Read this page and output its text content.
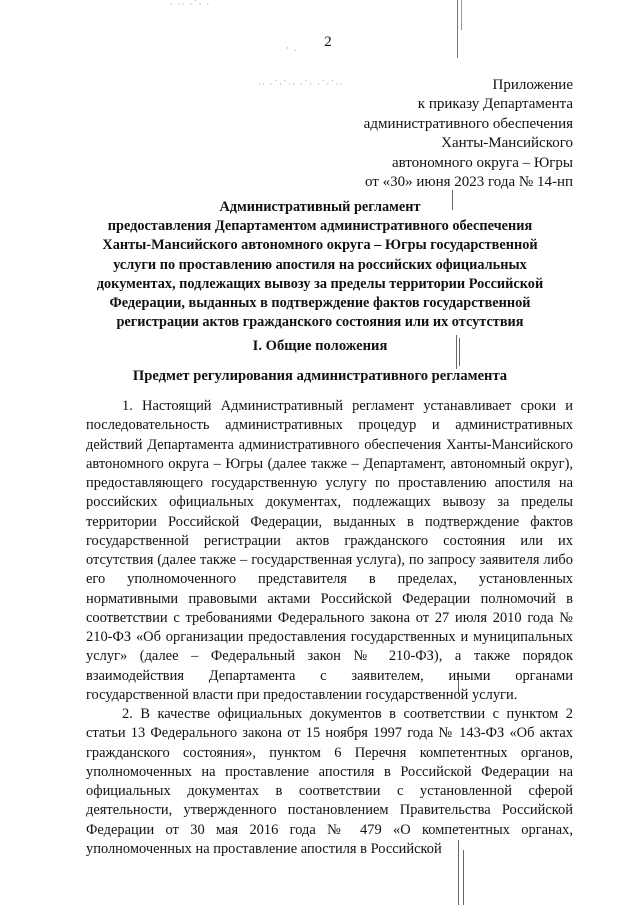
· ·· ·˙· ·
· .
·· ·˙·˙·· ·˙· ·˙·˙··
2
Приложение
к приказу Департамента
административного обеспечения
Ханты-Мансийского
автономного округа – Югры
от «30» июня 2023 года № 14-нп
Административный регламент
предоставления Департаментом административного обеспечения
Ханты-Мансийского автономного округа – Югры государственной
услуги по проставлению апостиля на российских официальных
документах, подлежащих вывозу за пределы территории Российской
Федерации, выданных в подтверждение фактов государственной
регистрации актов гражданского состояния или их отсутствия
I. Общие положения
Предмет регулирования административного регламента

1. Настоящий Административный регламент устанавливает сроки и последовательность административных процедур и административных действий Департамента административного обеспечения Ханты-Мансийского автономного округа – Югры (далее также – Департамент, автономный округ), предоставляющего государственную услугу по проставлению апостиля на российских официальных документах, подлежащих вывозу за пределы территории Российской Федерации, выданных в подтверждение фактов государственной регистрации актов гражданского состояния или их отсутствия (далее также – государственная услуга), по запросу заявителя либо его уполномоченного представителя в пределах, установленных нормативными правовыми актами Российской Федерации полномочий в соответствии с требованиями Федерального закона от 27 июля 2010 года № 210-ФЗ «Об организации предоставления государственных и муниципальных услуг» (далее – Федеральный закон № 210-ФЗ), а также порядок взаимодействия Департамента с заявителем, иными органами государственной власти при предоставлении государственной услуги.

2. В качестве официальных документов в соответствии с пунктом 2 статьи 13 Федерального закона от 15 ноября 1997 года № 143-ФЗ «Об актах гражданского состояния», пунктом 6 Перечня компетентных органов, уполномоченных на проставление апостиля в Российской Федерации на официальных документах в соответствии с установленной сферой деятельности, утвержденного постановлением Правительства Российской Федерации от 30 мая 2016 года № 479 «О компетентных органах, уполномоченных на проставление апостиля в Российской
